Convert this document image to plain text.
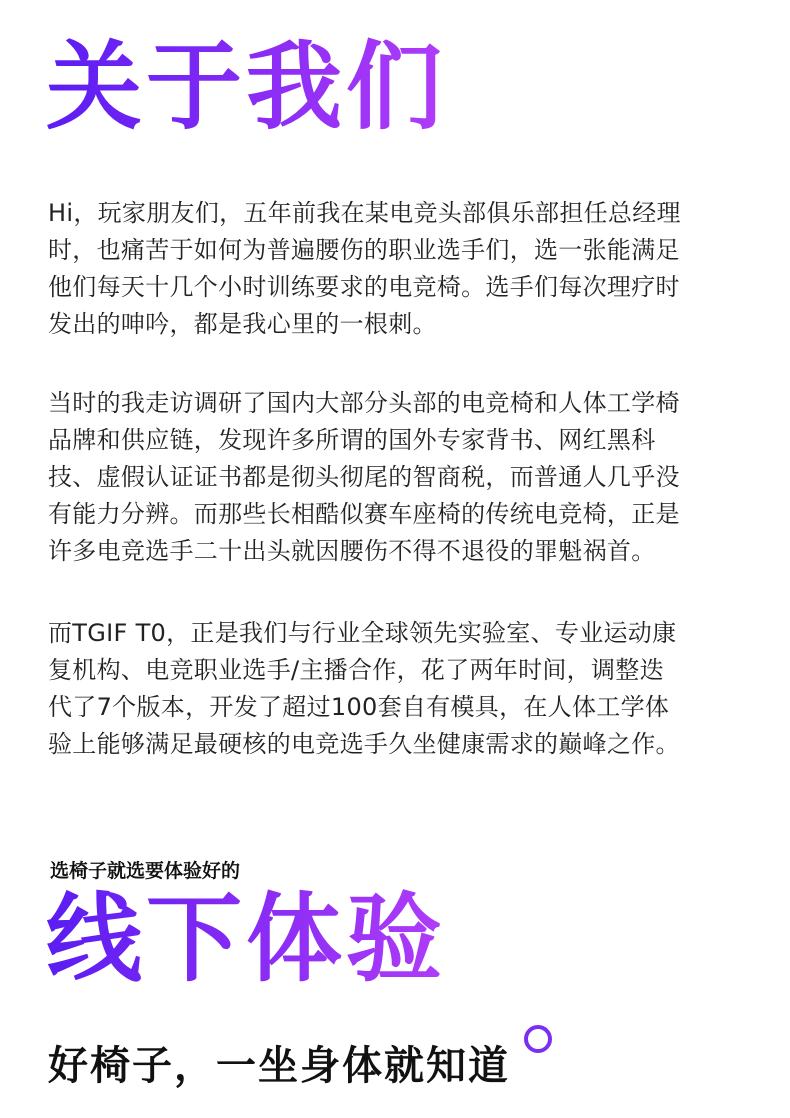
关于我们

Hi，玩家朋友们，五年前我在某电竞头部俱乐部担任总经理
时，也痛苦于如何为普遍腰伤的职业选手们，选一张能满足
他们每天十几个小时训练要求的电竞椅。选手们每次理疗时
发出的呻吟，都是我心里的一根刺。

当时的我走访调研了国内大部分头部的电竞椅和人体工学椅
品牌和供应链，发现许多所谓的国外专家背书、网红黑科
技、虚假认证证书都是彻头彻尾的智商税，而普通人几乎没
有能力分辨。而那些长相酷似赛车座椅的传统电竞椅，正是
许多电竞选手二十出头就因腰伤不得不退役的罪魁祸首。

而TGIF T0，正是我们与行业全球领先实验室、专业运动康
复机构、电竞职业选手/主播合作，花了两年时间，调整迭
代了7个版本，开发了超过100套自有模具，在人体工学体
验上能够满足最硬核的电竞选手久坐健康需求的巅峰之作。

选椅子就选要体验好的

线下体验

好椅子，一坐身体就知道
